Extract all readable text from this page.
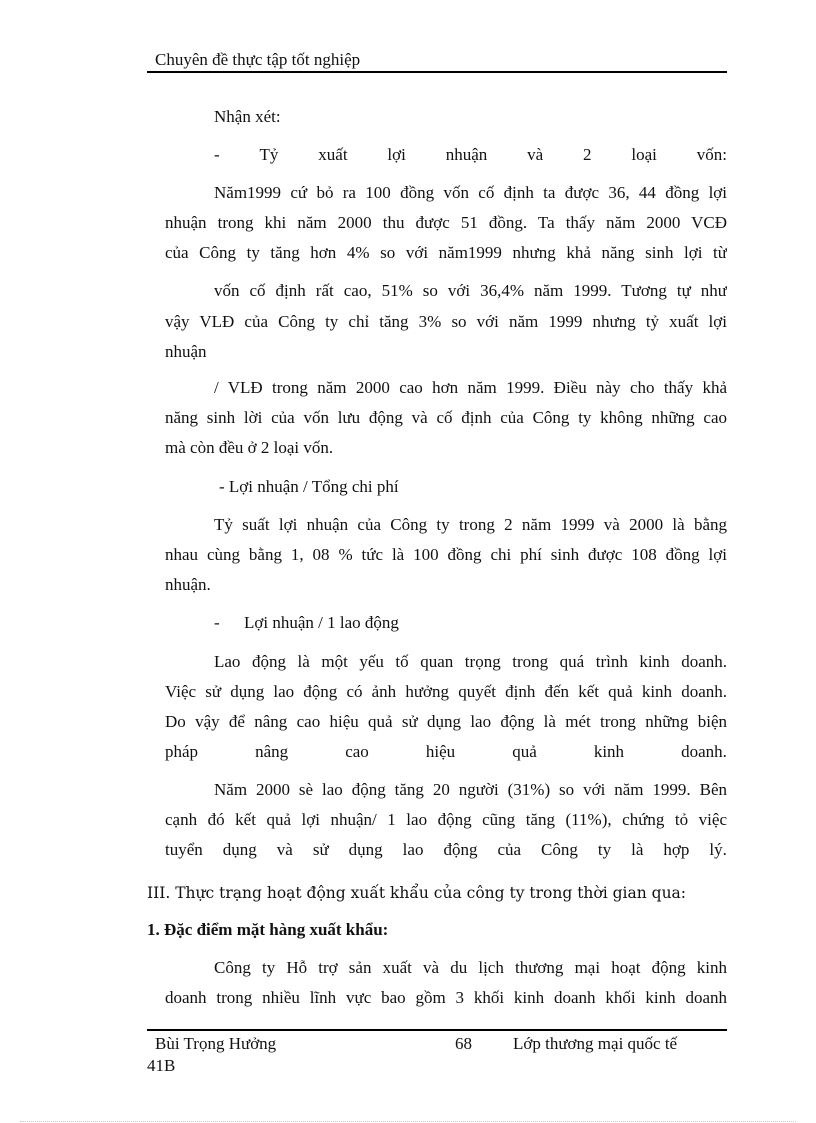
Chuyên đề thực tập tốt nghiệp
Nhận xét:
- Tỷ xuất lợi nhuận và 2 loại vốn:
Năm1999 cứ bỏ ra 100 đồng vốn cố định ta được 36, 44 đồng lợi
nhuận trong khi năm 2000 thu được 51 đồng. Ta thấy năm 2000 VCĐ
của Công ty tăng hơn 4% so với năm1999 nhưng khả năng sinh lợi từ
vốn cố định rất cao, 51% so với 36,4% năm 1999. Tương tự như
vậy VLĐ của Công ty chỉ tăng 3% so với năm 1999 nhưng tỷ xuất lợi
nhuận
/ VLĐ trong năm 2000 cao hơn năm 1999. Điều này cho thấy khả
năng sinh lời của vốn lưu động và cố định của Công ty không những cao
mà còn đều ở 2 loại vốn.
- Lợi nhuận / Tổng chi phí
Tỷ suất lợi nhuận của Công ty trong 2 năm 1999 và 2000 là bằng
nhau cùng bằng 1, 08 % tức là 100 đồng chi phí sinh được 108 đồng lợi
nhuận.
- Lợi nhuận / 1 lao động
Lao động là một yếu tố quan trọng trong quá trình kinh doanh.
Việc sử dụng lao động có ảnh hưởng quyết định đến kết quả kinh doanh.
Do vậy để nâng cao hiệu quả sử dụng lao động là mét trong những biện
pháp	nâng	cao	hiệu	quả	kinh	doanh.
Năm 2000 sè lao động tăng 20 người (31%) so với năm 1999. Bên
cạnh đó kết quả lợi nhuận/ 1 lao động cũng tăng (11%), chứng tỏ việc
tuyển dụng và sử dụng lao động của Công ty là hợp lý.
III. Thực trạng hoạt động xuất khẩu của công ty trong thời gian qua:
1. Đặc điểm mặt hàng xuất khẩu:
Công ty Hỗ trợ sản xuất và du lịch thương mại hoạt động kinh
doanh trong nhiều lĩnh vực bao gồm 3 khối kinh doanh khối kinh doanh
Bùi Trọng Hưởng	68 Lớp thương mại quốc tế
41B
